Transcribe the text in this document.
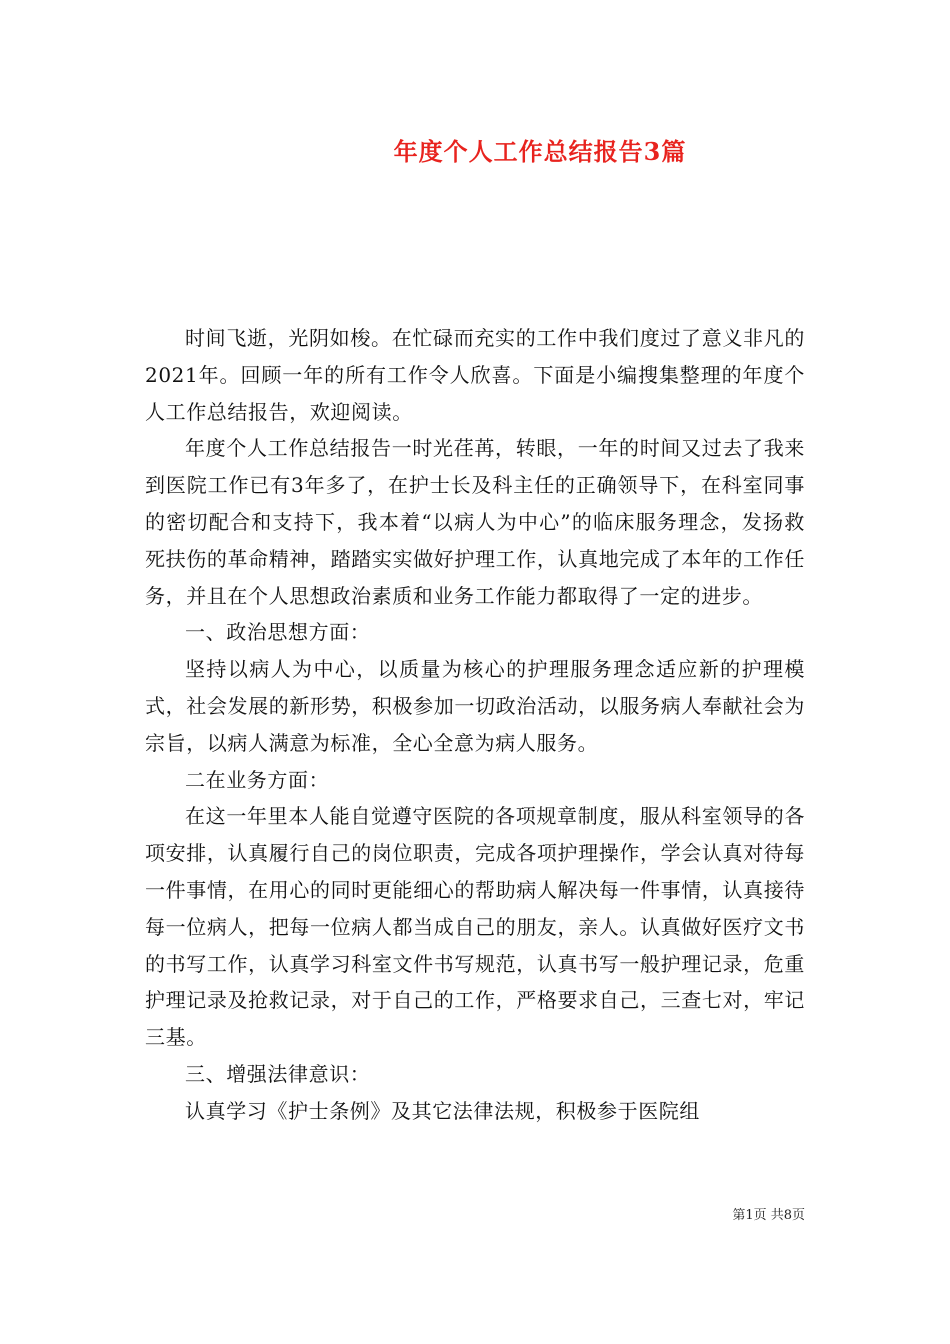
年度个人工作总结报告3篇

时间飞逝，光阴如梭。在忙碌而充实的工作中我们度过了意义非凡的2021年。回顾一年的所有工作令人欣喜。下面是小编搜集整理的年度个人工作总结报告，欢迎阅读。

年度个人工作总结报告一时光荏苒，转眼，一年的时间又过去了我来到医院工作已有3年多了，在护士长及科主任的正确领导下，在科室同事的密切配合和支持下，我本着“以病人为中心”的临床服务理念，发扬救死扶伤的革命精神，踏踏实实做好护理工作，认真地完成了本年的工作任务，并且在个人思想政治素质和业务工作能力都取得了一定的进步。

一、政治思想方面：

坚持以病人为中心，以质量为核心的护理服务理念适应新的护理模式，社会发展的新形势，积极参加一切政治活动，以服务病人奉献社会为宗旨，以病人满意为标准，全心全意为病人服务。

二在业务方面：

在这一年里本人能自觉遵守医院的各项规章制度，服从科室领导的各项安排，认真履行自己的岗位职责，完成各项护理操作，学会认真对待每一件事情，在用心的同时更能细心的帮助病人解决每一件事情，认真接待每一位病人，把每一位病人都当成自己的朋友，亲人。认真做好医疗文书的书写工作，认真学习科室文件书写规范，认真书写一般护理记录，危重护理记录及抢救记录，对于自己的工作，严格要求自己，三查七对，牢记三基。

三、增强法律意识：

认真学习《护士条例》及其它法律法规，积极参于医院组

第1页 共8页
